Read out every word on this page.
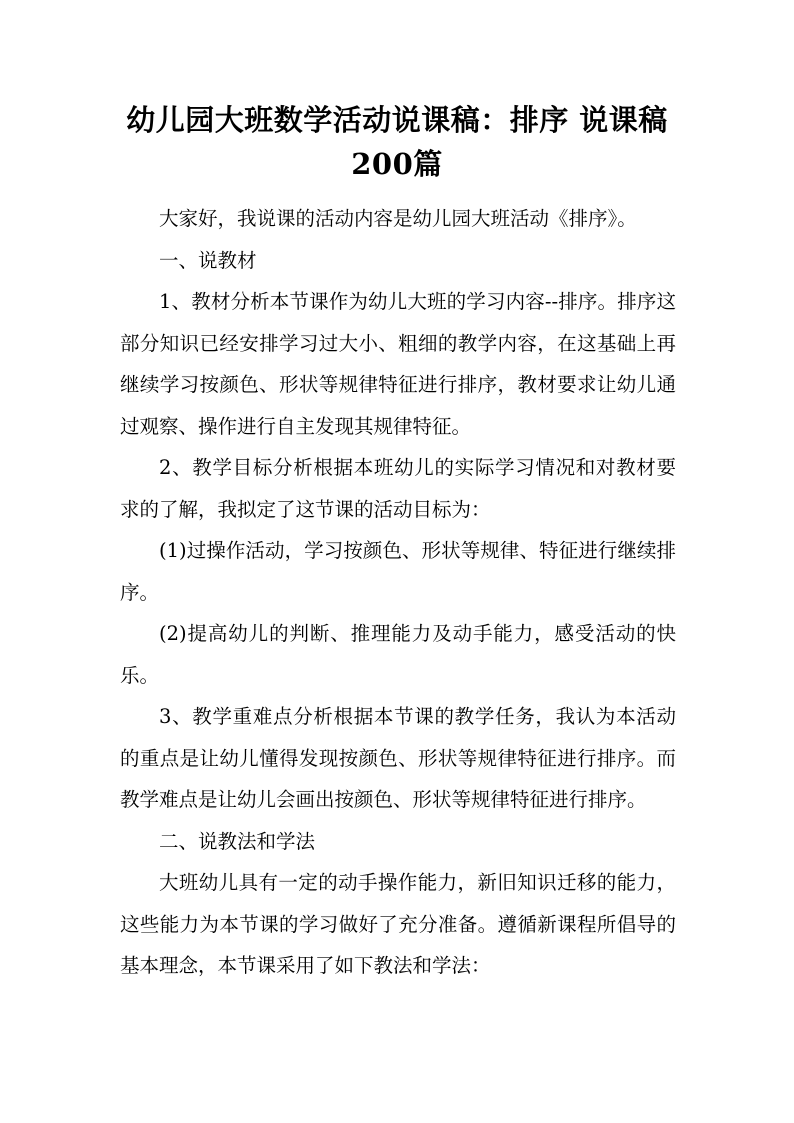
幼儿园大班数学活动说课稿：排序 说课稿200篇

大家好，我说课的活动内容是幼儿园大班活动《排序》。

一、说教材

1、教材分析本节课作为幼儿大班的学习内容--排序。排序这部分知识已经安排学习过大小、粗细的教学内容，在这基础上再继续学习按颜色、形状等规律特征进行排序，教材要求让幼儿通过观察、操作进行自主发现其规律特征。

2、教学目标分析根据本班幼儿的实际学习情况和对教材要求的了解，我拟定了这节课的活动目标为：

(1)过操作活动，学习按颜色、形状等规律、特征进行继续排序。

(2)提高幼儿的判断、推理能力及动手能力，感受活动的快乐。

3、教学重难点分析根据本节课的教学任务，我认为本活动的重点是让幼儿懂得发现按颜色、形状等规律特征进行排序。而教学难点是让幼儿会画出按颜色、形状等规律特征进行排序。

二、说教法和学法

大班幼儿具有一定的动手操作能力，新旧知识迁移的能力，这些能力为本节课的学习做好了充分准备。遵循新课程所倡导的基本理念，本节课采用了如下教法和学法：
